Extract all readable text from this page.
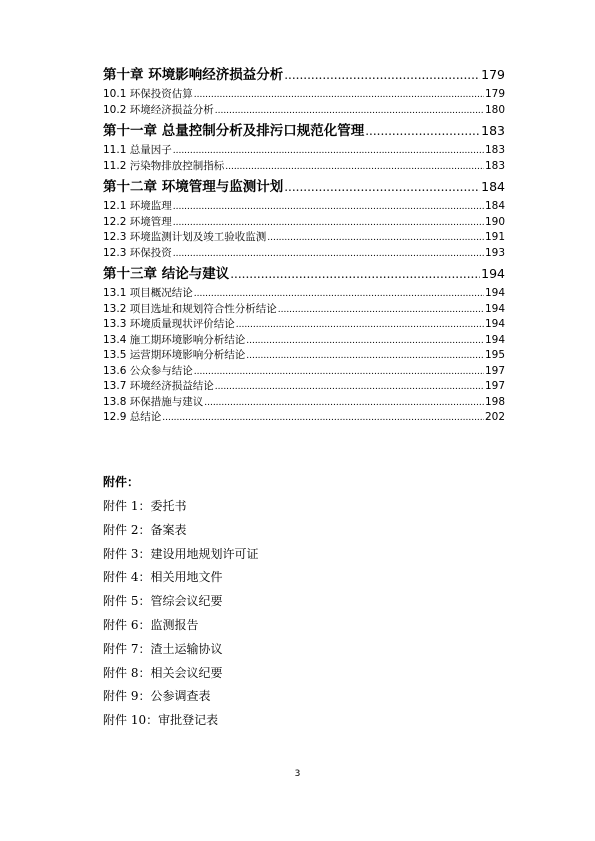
第十章 环境影响经济损益分析 .....	179
10.1 环保投资估算 .....	179
10.2 环境经济损益分析 .....	180
第十一章 总量控制分析及排污口规范化管理 .....	183
11.1 总量因子 .....	183
11.2 污染物排放控制指标 .....	183
第十二章 环境管理与监测计划 .....	184
12.1 环境监理 .....	184
12.2 环境管理 .....	190
12.3 环境监测计划及竣工验收监测 .....	191
12.3 环保投资 .....	193
第十三章 结论与建议 .....	194
13.1 项目概况结论 .....	194
13.2 项目选址和规划符合性分析结论 .....	194
13.3 环境质量现状评价结论 .....	194
13.4 施工期环境影响分析结论 .....	194
13.5 运营期环境影响分析结论 .....	195
13.6 公众参与结论 .....	197
13.7 环境经济损益结论 .....	197
13.8 环保措施与建议 .....	198
12.9 总结论 .....	202
附件：
附件 1：委托书
附件 2：备案表
附件 3：建设用地规划许可证
附件 4：相关用地文件
附件 5：管综会议纪要
附件 6：监测报告
附件 7：渣土运输协议
附件 8：相关会议纪要
附件 9：公参调查表
附件 10：审批登记表
3
